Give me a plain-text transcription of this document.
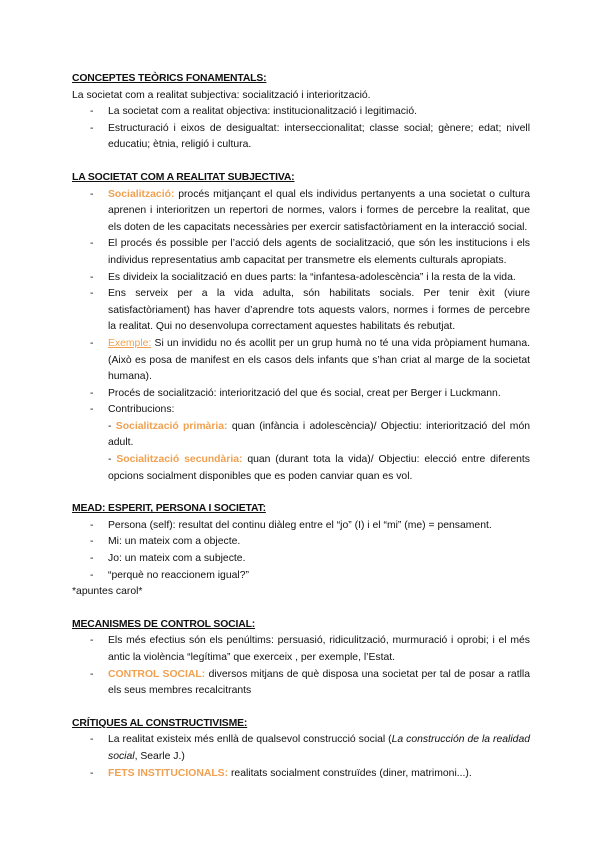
CONCEPTES TEÒRICS FONAMENTALS:

La societat com a realitat subjectiva: socialització i interiorització.

- La societat com a realitat objectiva: institucionalització i legitimació.
- Estructuració i eixos de desigualtat: interseccionalitat; classe social; gènere; edat; nivell educatiu; ètnia, religió i cultura.

LA SOCIETAT COM A REALITAT SUBJECTIVA:

- Socialització: procés mitjançant el qual els individus pertanyents a una societat o cultura aprenen i interioritzen un repertori de normes, valors i formes de percebre la realitat, que els doten de les capacitats necessàries per exercir satisfactòriament en la interacció social.
- El procés és possible per l’acció dels agents de socialització, que són les institucions i els individus representatius amb capacitat per transmetre els elements culturals apropiats.
- Es divideix la socialització en dues parts: la “infantesa-adolescència” i la resta de la vida.
- Ens serveix per a la vida adulta, són habilitats socials. Per tenir èxit (viure satisfactòriament) has haver d’aprendre tots aquests valors, normes i formes de percebre la realitat. Qui no desenvolupa correctament aquestes habilitats és rebutjat.
- Exemple: Si un invididu no és acollit per un grup humà no té una vida pròpiament humana. (Això es posa de manifest en els casos dels infants que s’han criat al marge de la societat humana).
- Procés de socialització: interiorització del que és social, creat per Berger i Luckmann.
- Contribucions:
- Socialització primària: quan (infància i adolescència)/ Objectiu: interiorització del món adult.
- Socialització secundària: quan (durant tota la vida)/ Objectiu: elecció entre diferents opcions socialment disponibles que es poden canviar quan es vol.

MEAD: ESPERIT, PERSONA I SOCIETAT:

- Persona (self): resultat del continu diàleg entre el “jo” (I) i el “mi” (me) = pensament.
- Mi: un mateix com a objecte.
- Jo: un mateix com a subjecte.
- “perquè no reaccionem igual?”

*apuntes carol*

MECANISMES DE CONTROL SOCIAL:

- Els més efectius són els penúltims: persuasió, ridiculització, murmuració i oprobi; i el més antic la violència “legítima” que exerceix , per exemple, l’Estat.
- CONTROL SOCIAL: diversos mitjans de què disposa una societat per tal de posar a ratlla els seus membres recalcitrants

CRÍTIQUES AL CONSTRUCTIVISME:

- La realitat existeix més enllà de qualsevol construcció social (La construcción de la realidad social, Searle J.)
- FETS INSTITUCIONALS: realitats socialment construïdes (diner, matrimoni...).
